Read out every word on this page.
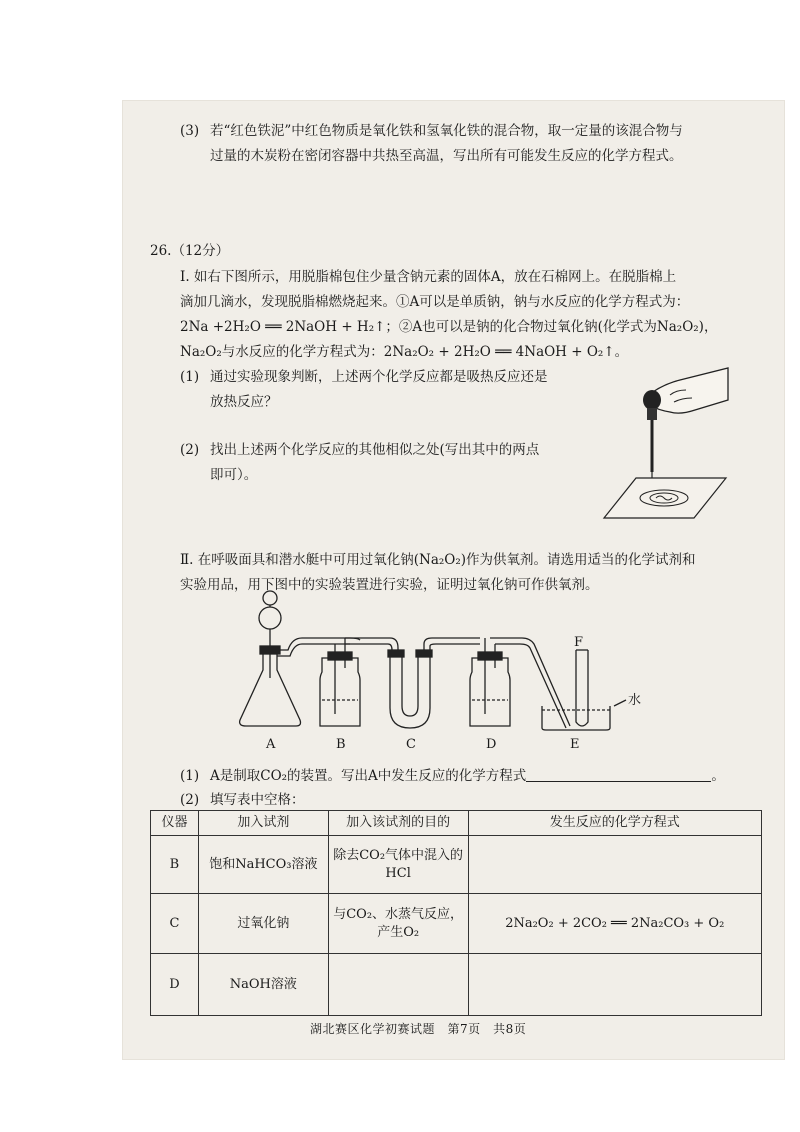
(3) 若“红色铁泥”中红色物质是氧化铁和氢氧化铁的混合物，取一定量的该混合物与
过量的木炭粉在密闭容器中共热至高温，写出所有可能发生反应的化学方程式。
26.（12分）
Ⅰ. 如右下图所示，用脱脂棉包住少量含钠元素的固体A，放在石棉网上。在脱脂棉上
滴加几滴水，发现脱脂棉燃烧起来。①A可以是单质钠，钠与水反应的化学方程式为：
2Na +2H₂O ══ 2NaOH + H₂↑；②A也可以是钠的化合物过氧化钠(化学式为Na₂O₂)，
Na₂O₂与水反应的化学方程式为：2Na₂O₂ + 2H₂O ══ 4NaOH + O₂↑。
(1) 通过实验现象判断，上述两个化学反应都是吸热反应还是
放热反应？
(2) 找出上述两个化学反应的其他相似之处(写出其中的两点
即可）。
Ⅱ. 在呼吸面具和潜水艇中可用过氧化钠(Na₂O₂)作为供氧剂。请选用适当的化学试剂和
实验用品，用下图中的实验装置进行实验，证明过氧化钠可作供氧剂。
A	B	C	D	E
F
水
(1) A是制取CO₂的装置。写出A中发生反应的化学方程式	。
(2) 填写表中空格：
仪器	加入试剂	加入该试剂的目的	发生反应的化学方程式
B	饱和NaHCO₃溶液	除去CO₂气体中混入的HCl	
C	过氧化钠	与CO₂、水蒸气反应，产生O₂	2Na₂O₂ + 2CO₂ ══ 2Na₂CO₃ + O₂
D	NaOH溶液		
湖北赛区化学初赛试题　第7页　共8页
